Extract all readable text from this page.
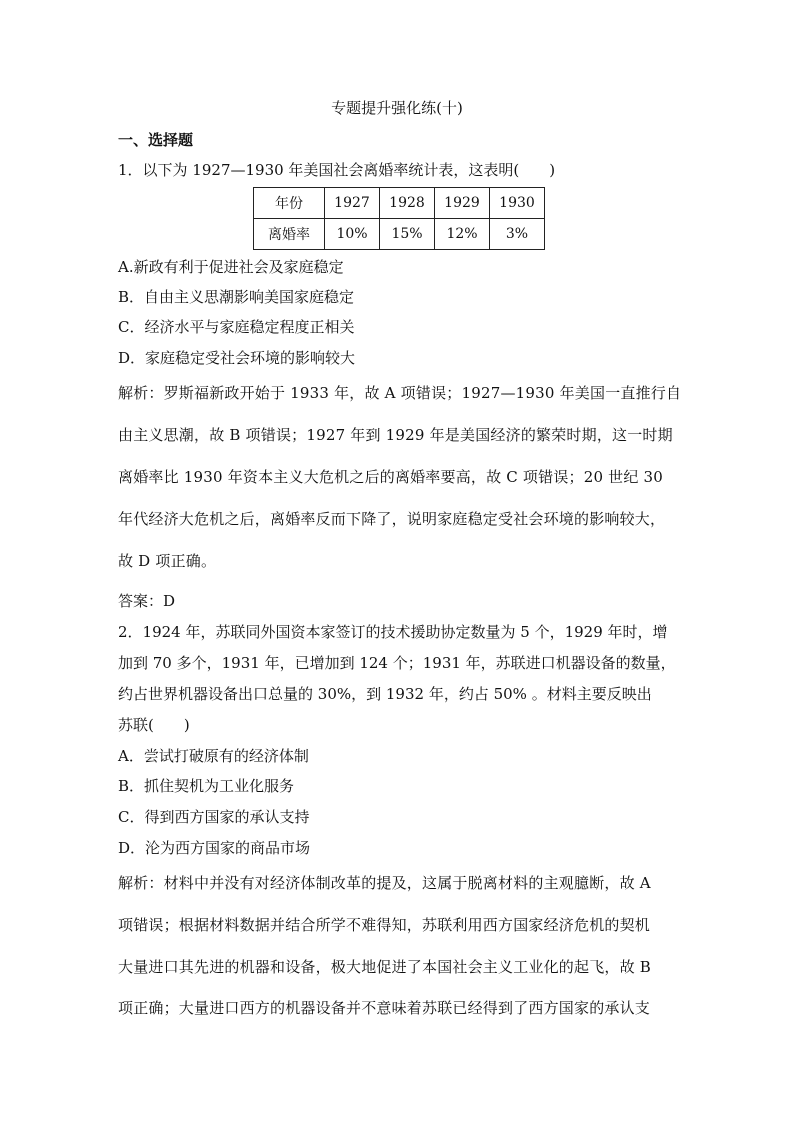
专题提升强化练(十)
一、选择题
1．以下为 1927—1930 年美国社会离婚率统计表，这表明(　　)
年份	1927	1928	1929	1930
离婚率	10%	15%	12%	3%
A.新政有利于促进社会及家庭稳定
B．自由主义思潮影响美国家庭稳定
C．经济水平与家庭稳定程度正相关
D．家庭稳定受社会环境的影响较大
解析：罗斯福新政开始于 1933 年，故 A 项错误；1927—1930 年美国一直推行自
由主义思潮，故 B 项错误；1927 年到 1929 年是美国经济的繁荣时期，这一时期
离婚率比 1930 年资本主义大危机之后的离婚率要高，故 C 项错误；20 世纪 30
年代经济大危机之后，离婚率反而下降了，说明家庭稳定受社会环境的影响较大，
故 D 项正确。
答案：D
2．1924 年，苏联同外国资本家签订的技术援助协定数量为 5 个，1929 年时，增
加到 70 多个，1931 年，已增加到 124 个；1931 年，苏联进口机器设备的数量，
约占世界机器设备出口总量的 30%，到 1932 年，约占 50% 。材料主要反映出
苏联(　　)
A．尝试打破原有的经济体制
B．抓住契机为工业化服务
C．得到西方国家的承认支持
D．沦为西方国家的商品市场
解析：材料中并没有对经济体制改革的提及，这属于脱离材料的主观臆断，故 A
项错误；根据材料数据并结合所学不难得知，苏联利用西方国家经济危机的契机
大量进口其先进的机器和设备，极大地促进了本国社会主义工业化的起飞，故 B
项正确；大量进口西方的机器设备并不意味着苏联已经得到了西方国家的承认支
